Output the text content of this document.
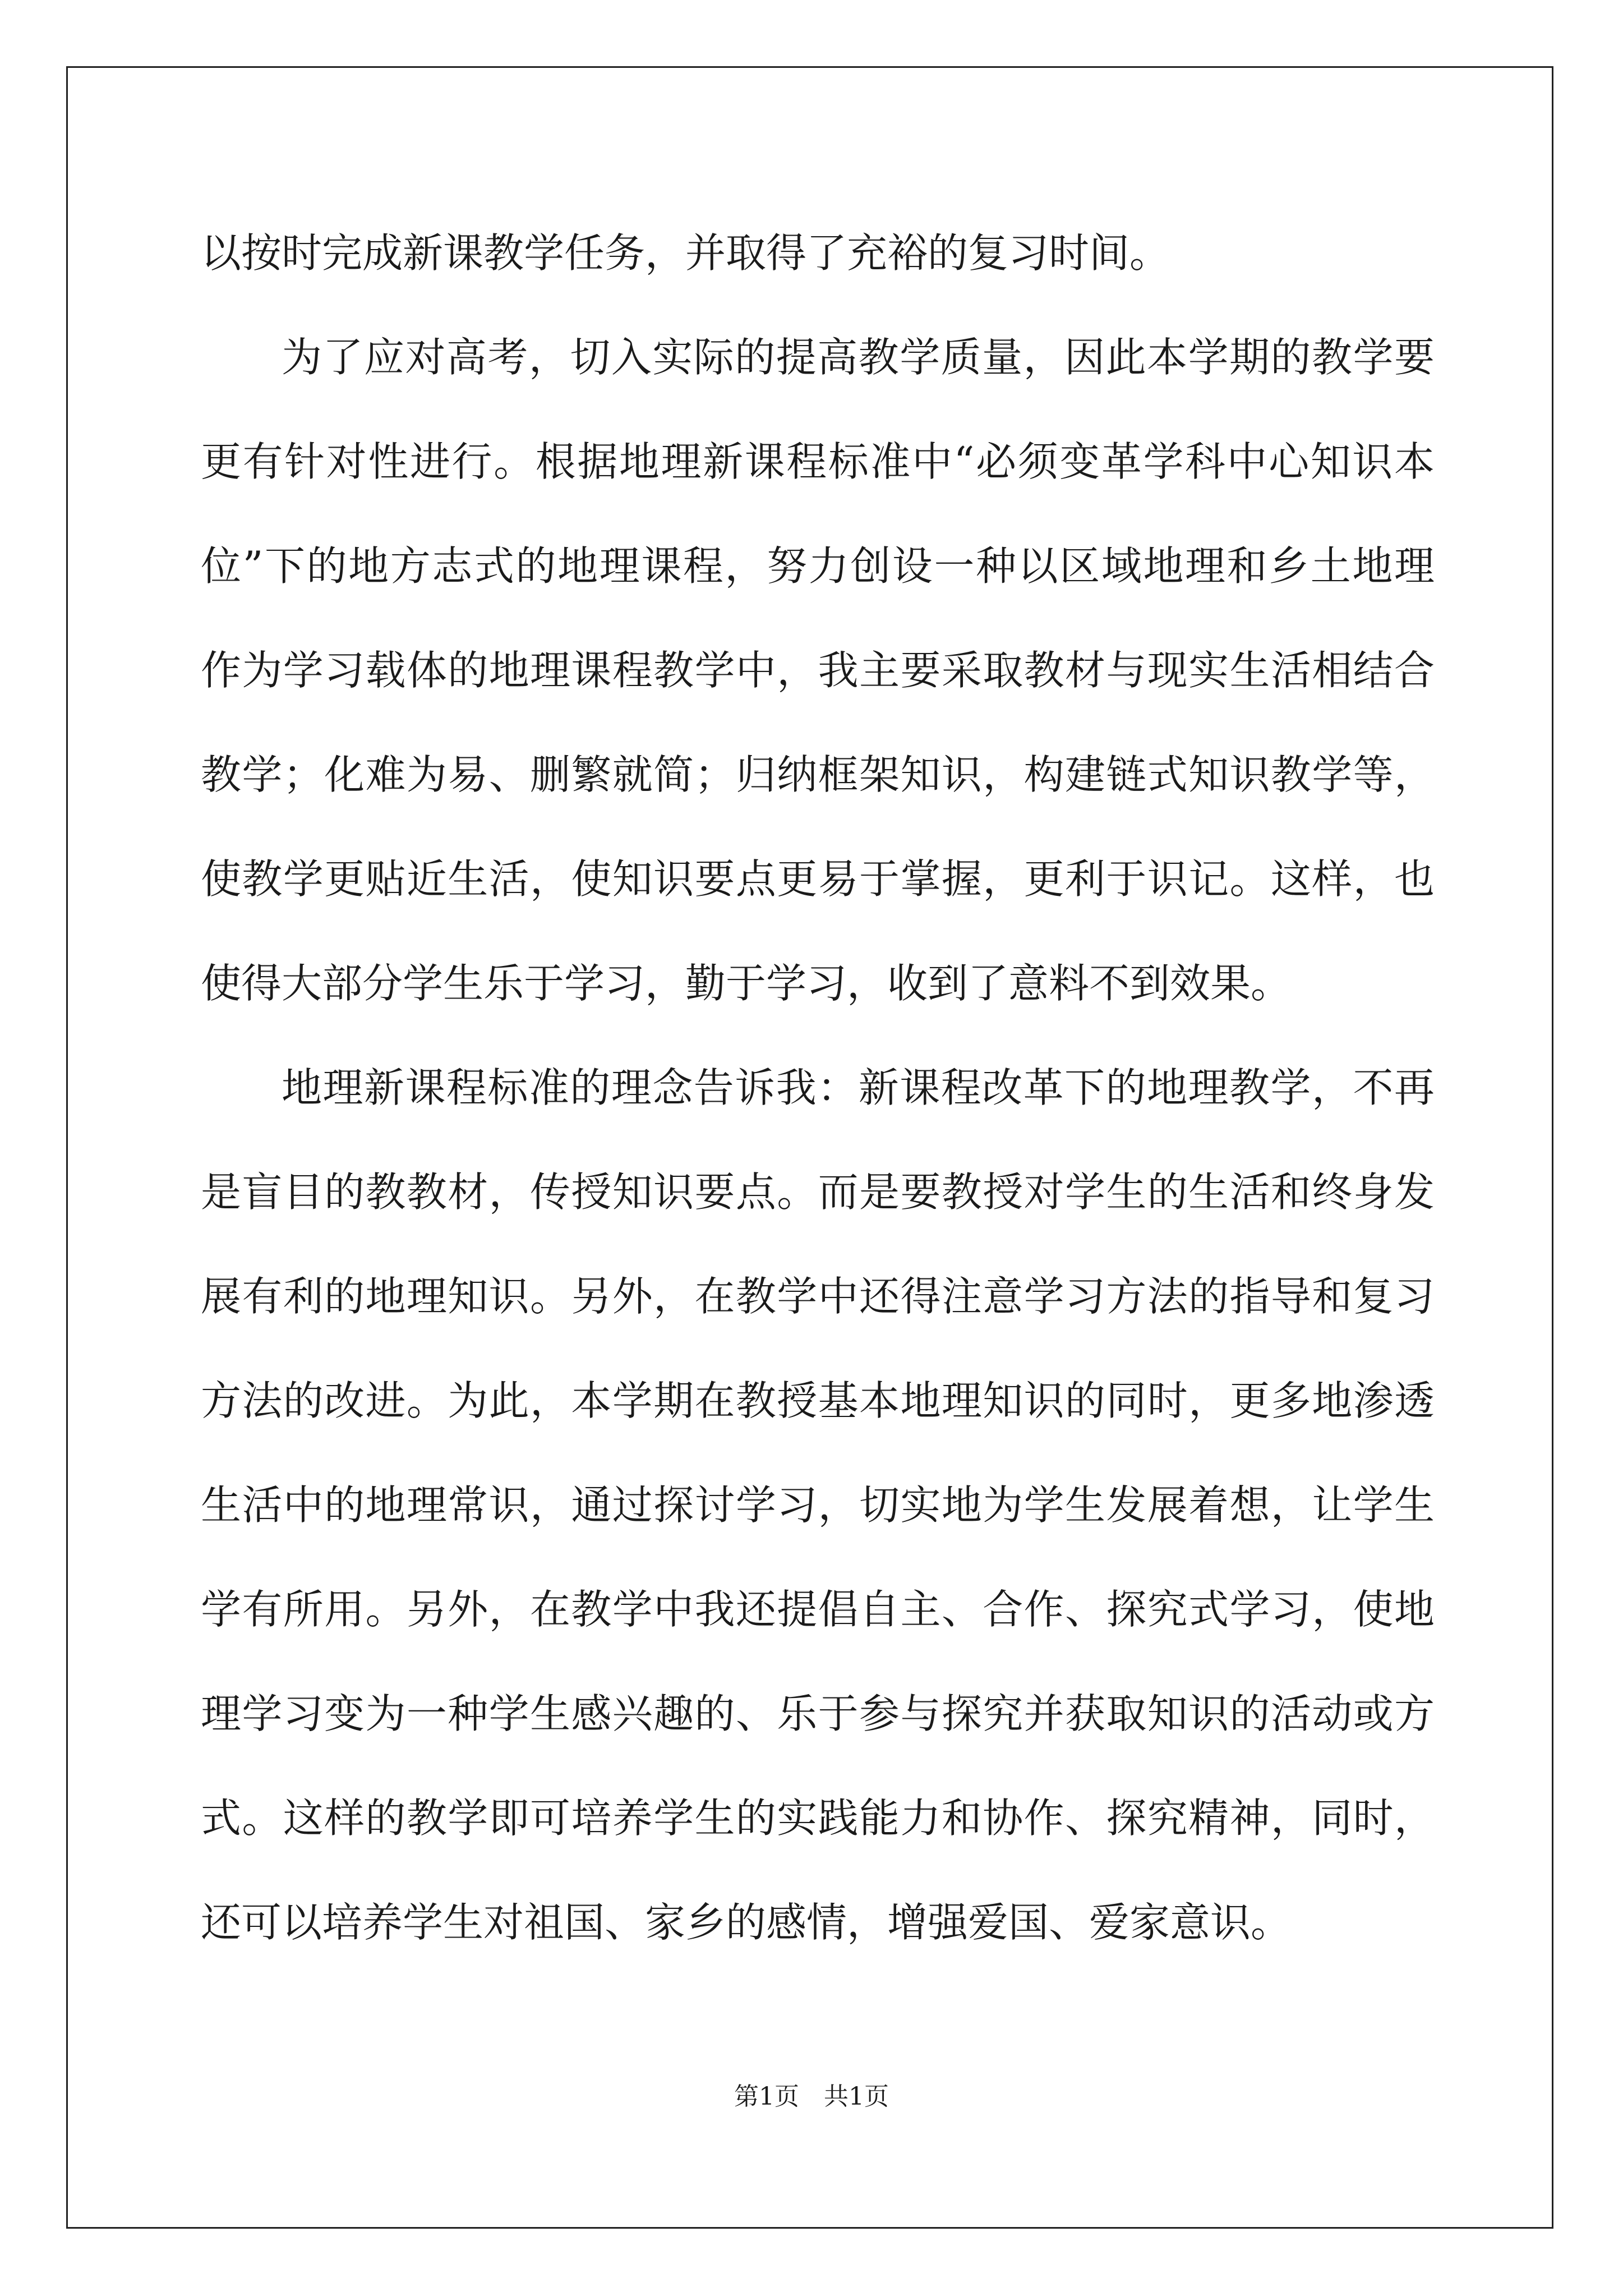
以按时完成新课教学任务，并取得了充裕的复习时间。
为了应对高考，切入实际的提高教学质量，因此本学期的教学要
更有针对性进行。根据地理新课程标准中“必须变革学科中心知识本
位”下的地方志式的地理课程，努力创设一种以区域地理和乡土地理
作为学习载体的地理课程教学中，我主要采取教材与现实生活相结合
教学；化难为易、删繁就简；归纳框架知识，构建链式知识教学等，
使教学更贴近生活，使知识要点更易于掌握，更利于识记。这样，也
使得大部分学生乐于学习，勤于学习，收到了意料不到效果。
地理新课程标准的理念告诉我：新课程改革下的地理教学，不再
是盲目的教教材，传授知识要点。而是要教授对学生的生活和终身发
展有利的地理知识。另外，在教学中还得注意学习方法的指导和复习
方法的改进。为此，本学期在教授基本地理知识的同时，更多地渗透
生活中的地理常识，通过探讨学习，切实地为学生发展着想，让学生
学有所用。另外，在教学中我还提倡自主、合作、探究式学习，使地
理学习变为一种学生感兴趣的、乐于参与探究并获取知识的活动或方
式。这样的教学即可培养学生的实践能力和协作、探究精神，同时，
还可以培养学生对祖国、家乡的感情，增强爱国、爱家意识。
第1页 共1页
